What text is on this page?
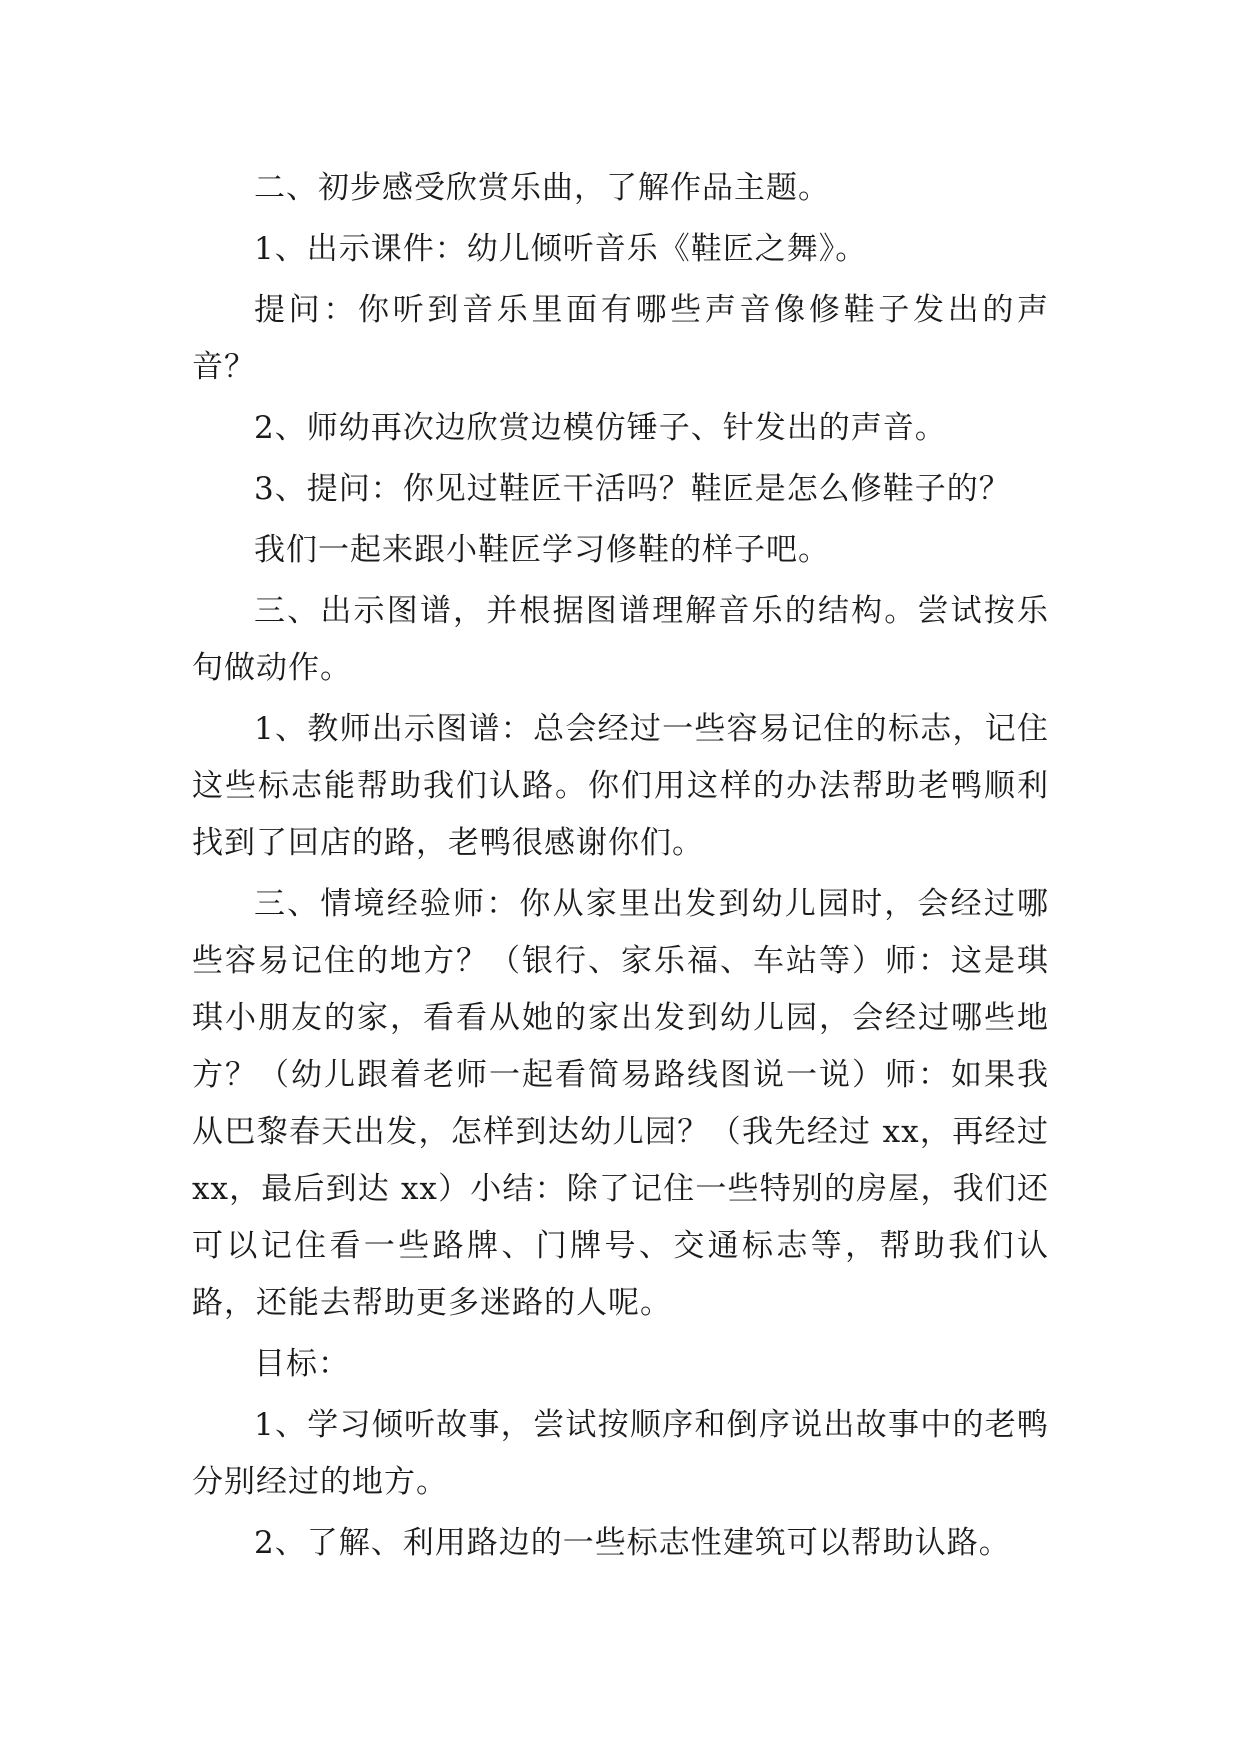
二、初步感受欣赏乐曲，了解作品主题。

1、出示课件：幼儿倾听音乐《鞋匠之舞》。

提问：你听到音乐里面有哪些声音像修鞋子发出的声音？

2、师幼再次边欣赏边模仿锤子、针发出的声音。

3、提问：你见过鞋匠干活吗？鞋匠是怎么修鞋子的？

我们一起来跟小鞋匠学习修鞋的样子吧。

三、出示图谱，并根据图谱理解音乐的结构。尝试按乐句做动作。

1、教师出示图谱：总会经过一些容易记住的标志，记住这些标志能帮助我们认路。你们用这样的办法帮助老鸭顺利找到了回店的路，老鸭很感谢你们。

三、情境经验师：你从家里出发到幼儿园时，会经过哪些容易记住的地方？（银行、家乐福、车站等）师：这是琪琪小朋友的家，看看从她的家出发到幼儿园，会经过哪些地方？（幼儿跟着老师一起看简易路线图说一说）师：如果我从巴黎春天出发，怎样到达幼儿园？（我先经过 xx，再经过 xx，最后到达 xx）小结：除了记住一些特别的房屋，我们还可以记住看一些路牌、门牌号、交通标志等，帮助我们认路，还能去帮助更多迷路的人呢。

目标：

1、学习倾听故事，尝试按顺序和倒序说出故事中的老鸭分别经过的地方。

2、了解、利用路边的一些标志性建筑可以帮助认路。
